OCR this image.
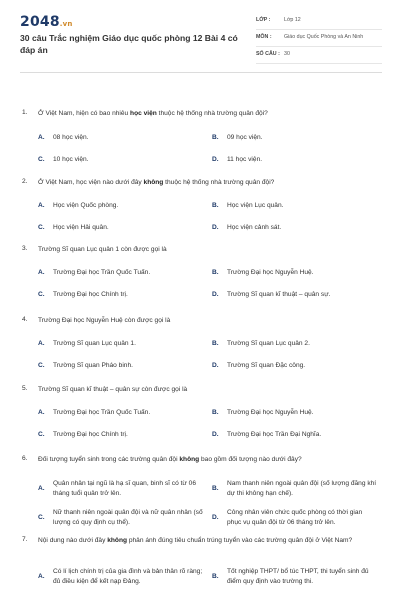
2048.vn
30 câu Trắc nghiệm Giáo dục quốc phòng 12 Bài 4 có đáp án
LỚP :	Lớp 12
MÔN : Giáo dục Quốc Phòng và An Ninh
SỐ CÂU : 30
1. Ở Việt Nam, hiện có bao nhiêu học viện thuộc hệ thống nhà trường quân đội?
A. 08 học viện.	B. 09 học viện.
C. 10 học viện.	D. 11 học viện.
2. Ở Việt Nam, học viện nào dưới đây không thuộc hệ thống nhà trường quân đội?
A. Học viện Quốc phòng.	B. Học viện Lục quân.
C. Học viện Hải quân.	D. Học viện cảnh sát.
3. Trường Sĩ quan Lục quân 1 còn được gọi là
A. Trường Đại học Trần Quốc Tuấn.	B. Trường Đại học Nguyễn Huệ.
C. Trường Đại học Chính trị.	D. Trường Sĩ quan kĩ thuật – quân sự.
4. Trường Đại học Nguyễn Huệ còn được gọi là
A. Trường Sĩ quan Lục quân 1.	B. Trường Sĩ quan Lục quân 2.
C. Trường Sĩ quan Pháo binh.	D. Trường Sĩ quan Đặc công.
5. Trường Sĩ quan kĩ thuật – quân sự còn được gọi là
A. Trường Đại học Trần Quốc Tuấn.	B. Trường Đại học Nguyễn Huệ.
C. Trường Đại học Chính trị.	D. Trường Đại học Trần Đại Nghĩa.
6. Đối tượng tuyển sinh trong các trường quân đội không bao gồm đối tượng nào dưới đây?
A.
Quân nhân tại ngũ là hạ sĩ quan, binh sĩ có từ 06 tháng tuổi quân trở lên.
B.
Nam thanh niên ngoài quân đội (số lượng đăng khí dự thi không hạn chế).
C.
Nữ thanh niên ngoài quân đội và nữ quân nhân (số lượng có quy định cụ thể).
D.
Công nhân viên chức quốc phòng có thời gian phục vụ quân đội từ 06 tháng trở lên.
7. Nội dung nào dưới đây không phản ánh đúng tiêu chuẩn trúng tuyển vào các trường quân đội ở Việt Nam?
A.
Có lí lịch chính trị của gia đình và bản thân rõ ràng; đủ điều kiện để kết nạp Đảng.
B.
Tốt nghiệp THPT/ bổ túc THPT, thi tuyển sinh đủ điểm quy định vào trường thi.
